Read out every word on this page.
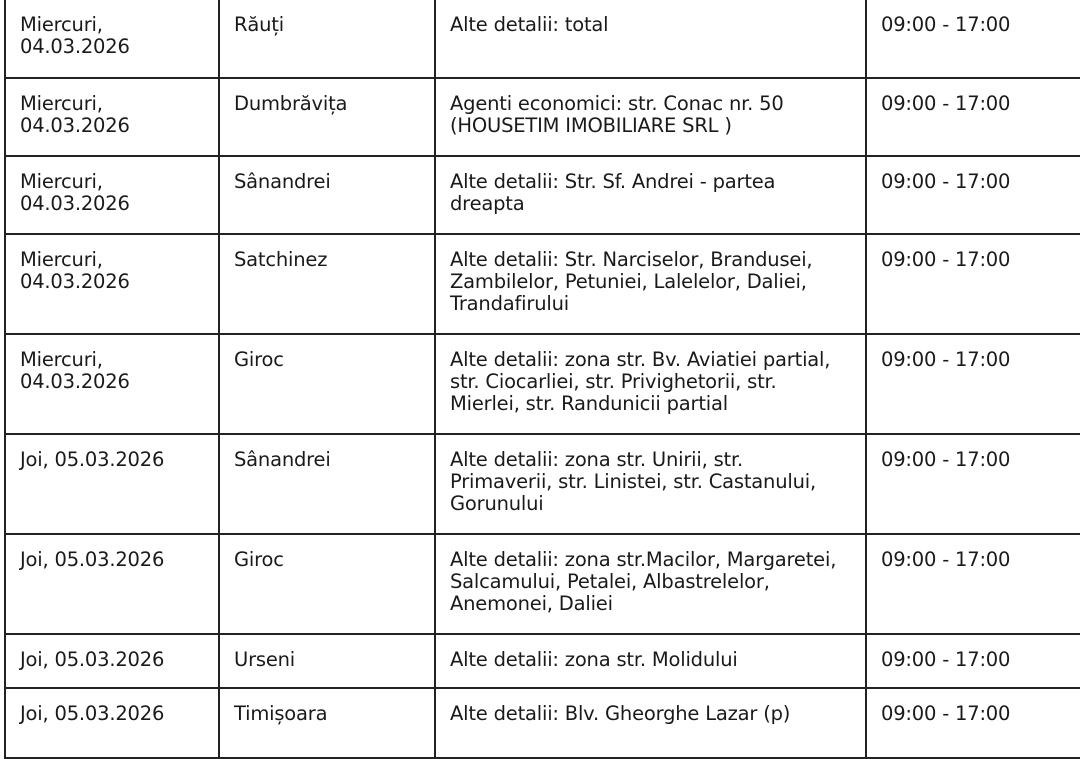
Miercuri, 04.03.2026	Răuți	Alte detalii: total	09:00 - 17:00
Miercuri, 04.03.2026	Dumbrăvița	Agenti economici: str. Conac nr. 50 (HOUSETIM IMOBILIARE SRL )	09:00 - 17:00
Miercuri, 04.03.2026	Sânandrei	Alte detalii: Str. Sf. Andrei - partea dreapta	09:00 - 17:00
Miercuri, 04.03.2026	Satchinez	Alte detalii: Str. Narciselor, Brandusei, Zambilelor, Petuniei, Lalelelor, Daliei, Trandafirului	09:00 - 17:00
Miercuri, 04.03.2026	Giroc	Alte detalii: zona str. Bv. Aviatiei partial, str. Ciocarliei, str. Privighetorii, str. Mierlei, str. Randunicii partial	09:00 - 17:00
Joi, 05.03.2026	Sânandrei	Alte detalii: zona str. Unirii, str. Primaverii, str. Linistei, str. Castanului, Gorunului	09:00 - 17:00
Joi, 05.03.2026	Giroc	Alte detalii: zona str.Macilor, Margaretei, Salcamului, Petalei, Albastrelelor, Anemonei, Daliei	09:00 - 17:00
Joi, 05.03.2026	Urseni	Alte detalii: zona str. Molidului	09:00 - 17:00
Joi, 05.03.2026	Timișoara	Alte detalii: Blv. Gheorghe Lazar (p)	09:00 - 17:00
